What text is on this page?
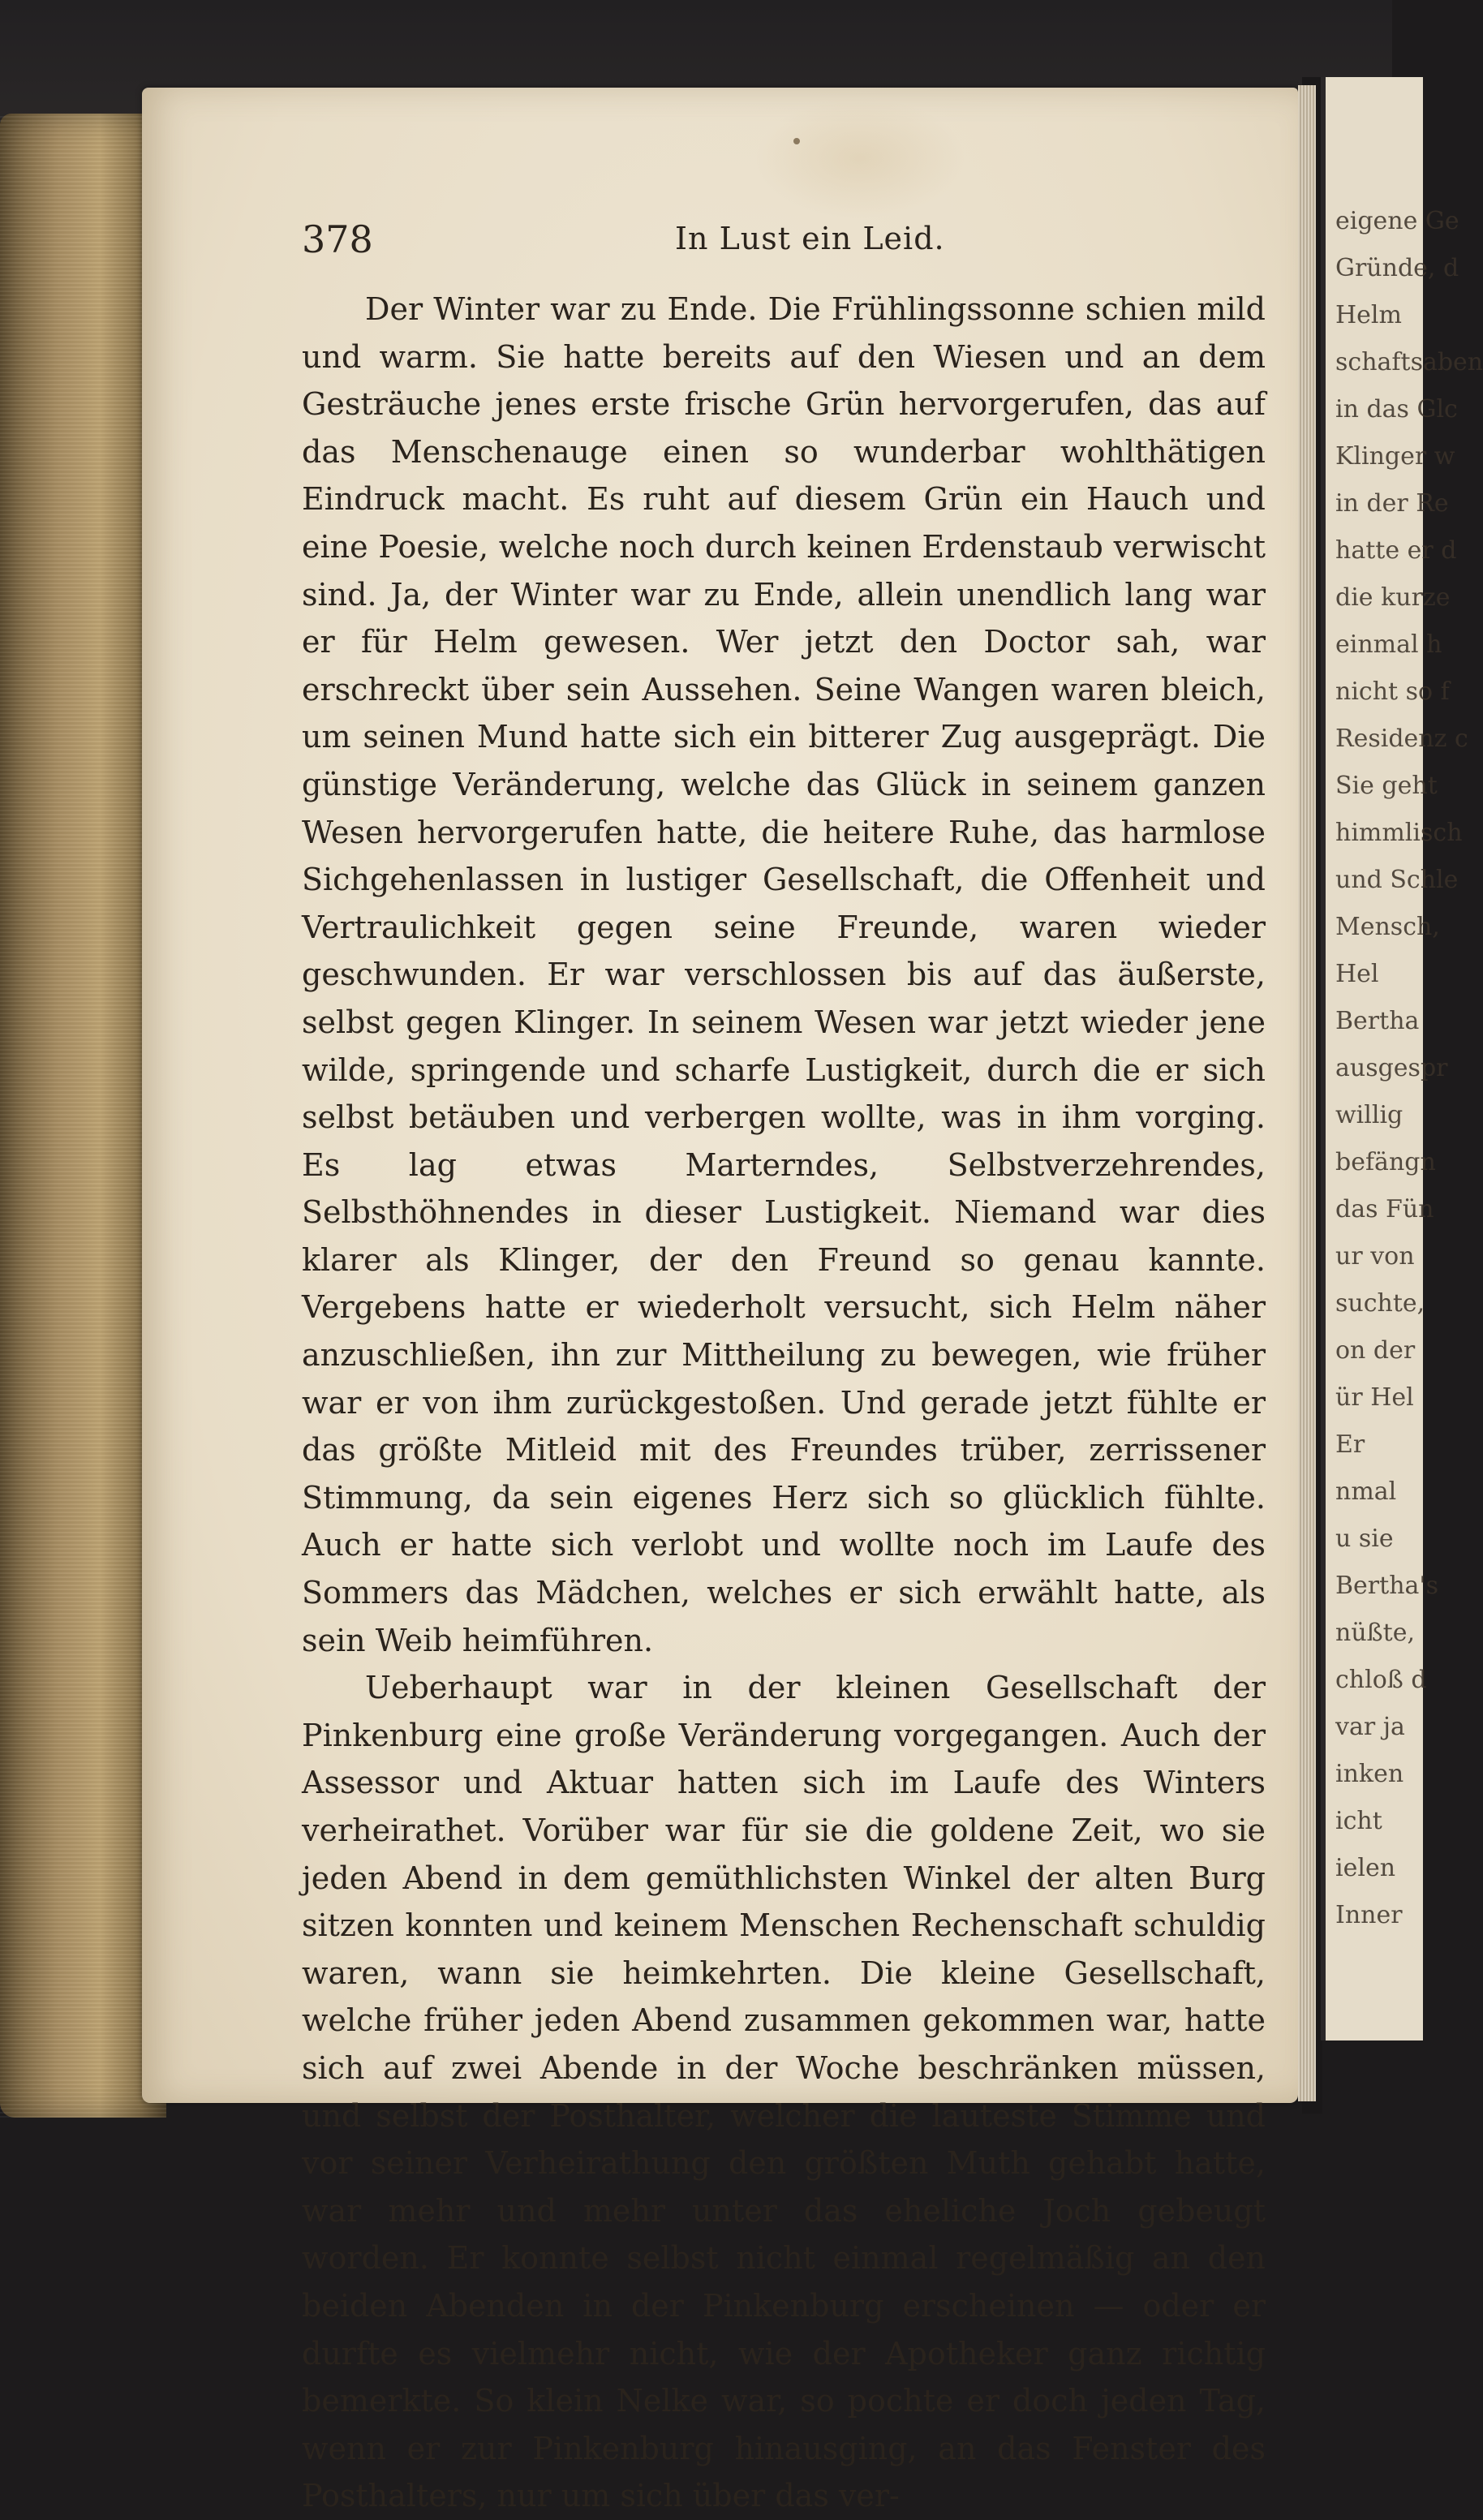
eigene Ge
Gründe, d
Helm
schaftsaben
in das Glc
Klinger w
in der Re
hatte er d
die kurze
einmal h
nicht so f
Residenz c
Sie geht
himmlisch
und Schle
Mensch,
Hel
Bertha
ausgespr
willig
befängn
das Fün
ur von
suchte,
on der
ür Hel
Er
nmal
u sie
Bertha's
nüßte,
chloß d
var ja
inken
icht
ielen
Inner
378	In Lust ein Leid.

Der Winter war zu Ende. Die Frühlingssonne schien mild und warm. Sie hatte bereits auf den Wiesen und an dem Gesträuche jenes erste frische Grün hervorgerufen, das auf das Menschenauge einen so wunderbar wohlthätigen Eindruck macht. Es ruht auf diesem Grün ein Hauch und eine Poesie, welche noch durch keinen Erdenstaub verwischt sind. Ja, der Winter war zu Ende, allein unendlich lang war er für Helm gewesen. Wer jetzt den Doctor sah, war erschreckt über sein Aussehen. Seine Wangen waren bleich, um seinen Mund hatte sich ein bitterer Zug ausgeprägt. Die günstige Veränderung, welche das Glück in seinem ganzen Wesen hervorgerufen hatte, die heitere Ruhe, das harmlose Sichgehenlassen in lustiger Gesellschaft, die Offenheit und Vertraulichkeit gegen seine Freunde, waren wieder geschwunden. Er war verschlossen bis auf das äußerste, selbst gegen Klinger. In seinem Wesen war jetzt wieder jene wilde, springende und scharfe Lustigkeit, durch die er sich selbst betäuben und verbergen wollte, was in ihm vorging. Es lag etwas Marterndes, Selbstverzehrendes, Selbsthöhnendes in dieser Lustigkeit. Niemand war dies klarer als Klinger, der den Freund so genau kannte. Vergebens hatte er wiederholt versucht, sich Helm näher anzuschließen, ihn zur Mittheilung zu bewegen, wie früher war er von ihm zurückgestoßen. Und gerade jetzt fühlte er das größte Mitleid mit des Freundes trüber, zerrissener Stimmung, da sein eigenes Herz sich so glücklich fühlte. Auch er hatte sich verlobt und wollte noch im Laufe des Sommers das Mädchen, welches er sich erwählt hatte, als sein Weib heimführen.

Ueberhaupt war in der kleinen Gesellschaft der Pinkenburg eine große Veränderung vorgegangen. Auch der Assessor und Aktuar hatten sich im Laufe des Winters verheirathet. Vorüber war für sie die goldene Zeit, wo sie jeden Abend in dem gemüthlichsten Winkel der alten Burg sitzen konnten und keinem Menschen Rechenschaft schuldig waren, wann sie heimkehrten. Die kleine Gesellschaft, welche früher jeden Abend zusammen gekommen war, hatte sich auf zwei Abende in der Woche beschränken müssen, und selbst der Posthalter, welcher die lauteste Stimme und vor seiner Verheirathung den größten Muth gehabt hatte, war mehr und mehr unter das eheliche Joch gebeugt worden. Er konnte selbst nicht einmal regelmäßig an den beiden Abenden in der Pinkenburg erscheinen — oder er durfte es vielmehr nicht, wie der Apotheker ganz richtig bemerkte. So klein Nelke war, so pochte er doch jeden Tag, wenn er zur Pinkenburg hinausging, an das Fenster des Posthalters, nur um sich über das ver-
